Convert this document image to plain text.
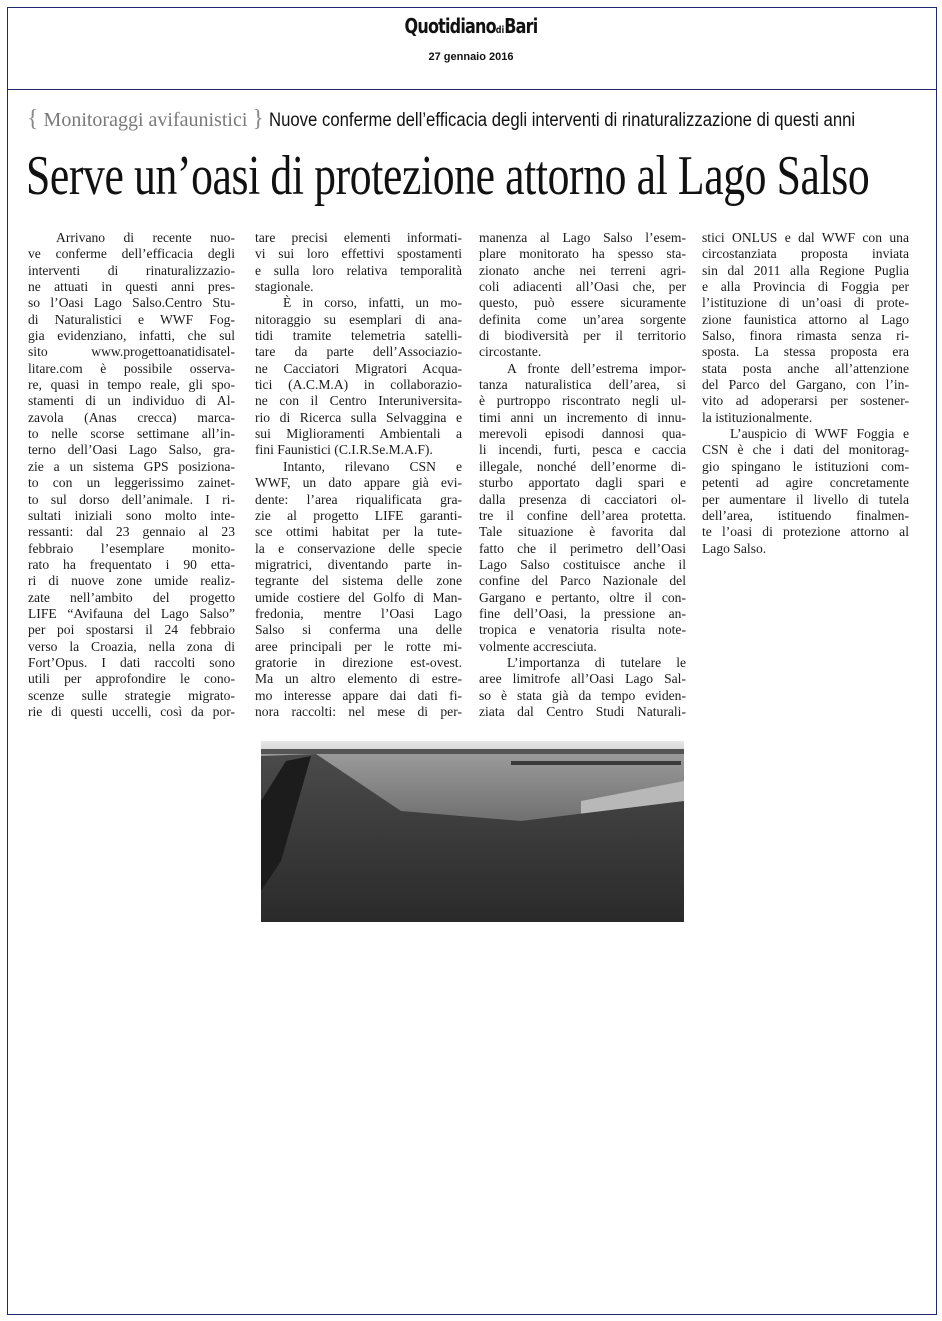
QuotidianodiBari
27 gennaio 2016
{ Monitoraggi avifaunistici } Nuove conferme dell’efficacia degli interventi di rinaturalizzazione di questi anni
Serve un’oasi di protezione attorno al Lago Salso
Arrivano di recente nuo-
ve conferme dell’efficacia degli
interventi di rinaturalizzazio-
ne attuati in questi anni pres-
so l’Oasi Lago Salso.Centro Stu-
di Naturalistici e WWF Fog-
gia evidenziano, infatti, che sul
sito www.progettoanatidisatel-
litare.com è possibile osserva-
re, quasi in tempo reale, gli spo-
stamenti di un individuo di Al-
zavola (Anas crecca) marca-
to nelle scorse settimane all’in-
terno dell’Oasi Lago Salso, gra-
zie a un sistema GPS posiziona-
to con un leggerissimo zainet-
to sul dorso dell’animale. I ri-
sultati iniziali sono molto inte-
ressanti: dal 23 gennaio al 23
febbraio l’esemplare monito-
rato ha frequentato i 90 etta-
ri di nuove zone umide realiz-
zate nell’ambito del progetto
LIFE “Avifauna del Lago Salso”
per poi spostarsi il 24 febbraio
verso la Croazia, nella zona di
Fort’Opus. I dati raccolti sono
utili per approfondire le cono-
scenze sulle strategie migrato-
rie di questi uccelli, così da por-
tare precisi elementi informati-
vi sui loro effettivi spostamenti
e sulla loro relativa temporalità
stagionale.
È in corso, infatti, un mo-
nitoraggio su esemplari di ana-
tidi tramite telemetria satelli-
tare da parte dell’Associazio-
ne Cacciatori Migratori Acqua-
tici (A.C.M.A) in collaborazio-
ne con il Centro Interuniversita-
rio di Ricerca sulla Selvaggina e
sui Miglioramenti Ambientali a
fini Faunistici (C.I.R.Se.M.A.F).
Intanto, rilevano CSN e
WWF, un dato appare già evi-
dente: l’area riqualificata gra-
zie al progetto LIFE garanti-
sce ottimi habitat per la tute-
la e conservazione delle specie
migratrici, diventando parte in-
tegrante del sistema delle zone
umide costiere del Golfo di Man-
fredonia, mentre l’Oasi Lago
Salso si conferma una delle
aree principali per le rotte mi-
gratorie in direzione est-ovest.
Ma un altro elemento di estre-
mo interesse appare dai dati fi-
nora raccolti: nel mese di per-
manenza al Lago Salso l’esem-
plare monitorato ha spesso sta-
zionato anche nei terreni agri-
coli adiacenti all’Oasi che, per
questo, può essere sicuramente
definita come un’area sorgente
di biodiversità per il territorio
circostante.
A fronte dell’estrema impor-
tanza naturalistica dell’area, si
è purtroppo riscontrato negli ul-
timi anni un incremento di innu-
merevoli episodi dannosi qua-
li incendi, furti, pesca e caccia
illegale, nonché dell’enorme di-
sturbo apportato dagli spari e
dalla presenza di cacciatori ol-
tre il confine dell’area protetta.
Tale situazione è favorita dal
fatto che il perimetro dell’Oasi
Lago Salso costituisce anche il
confine del Parco Nazionale del
Gargano e pertanto, oltre il con-
fine dell’Oasi, la pressione an-
tropica e venatoria risulta note-
volmente accresciuta.
L’importanza di tutelare le
aree limitrofe all’Oasi Lago Sal-
so è stata già da tempo eviden-
ziata dal Centro Studi Naturali-
stici ONLUS e dal WWF con una
circostanziata proposta inviata
sin dal 2011 alla Regione Puglia
e alla Provincia di Foggia per
l’istituzione di un’oasi di prote-
zione faunistica attorno al Lago
Salso, finora rimasta senza ri-
sposta. La stessa proposta era
stata posta anche all’attenzione
del Parco del Gargano, con l’in-
vito ad adoperarsi per sostener-
la istituzionalmente.
L’auspicio di WWF Foggia e
CSN è che i dati del monitorag-
gio spingano le istituzioni com-
petenti ad agire concretamente
per aumentare il livello di tutela
dell’area, istituendo finalmen-
te l’oasi di protezione attorno al
Lago Salso.
